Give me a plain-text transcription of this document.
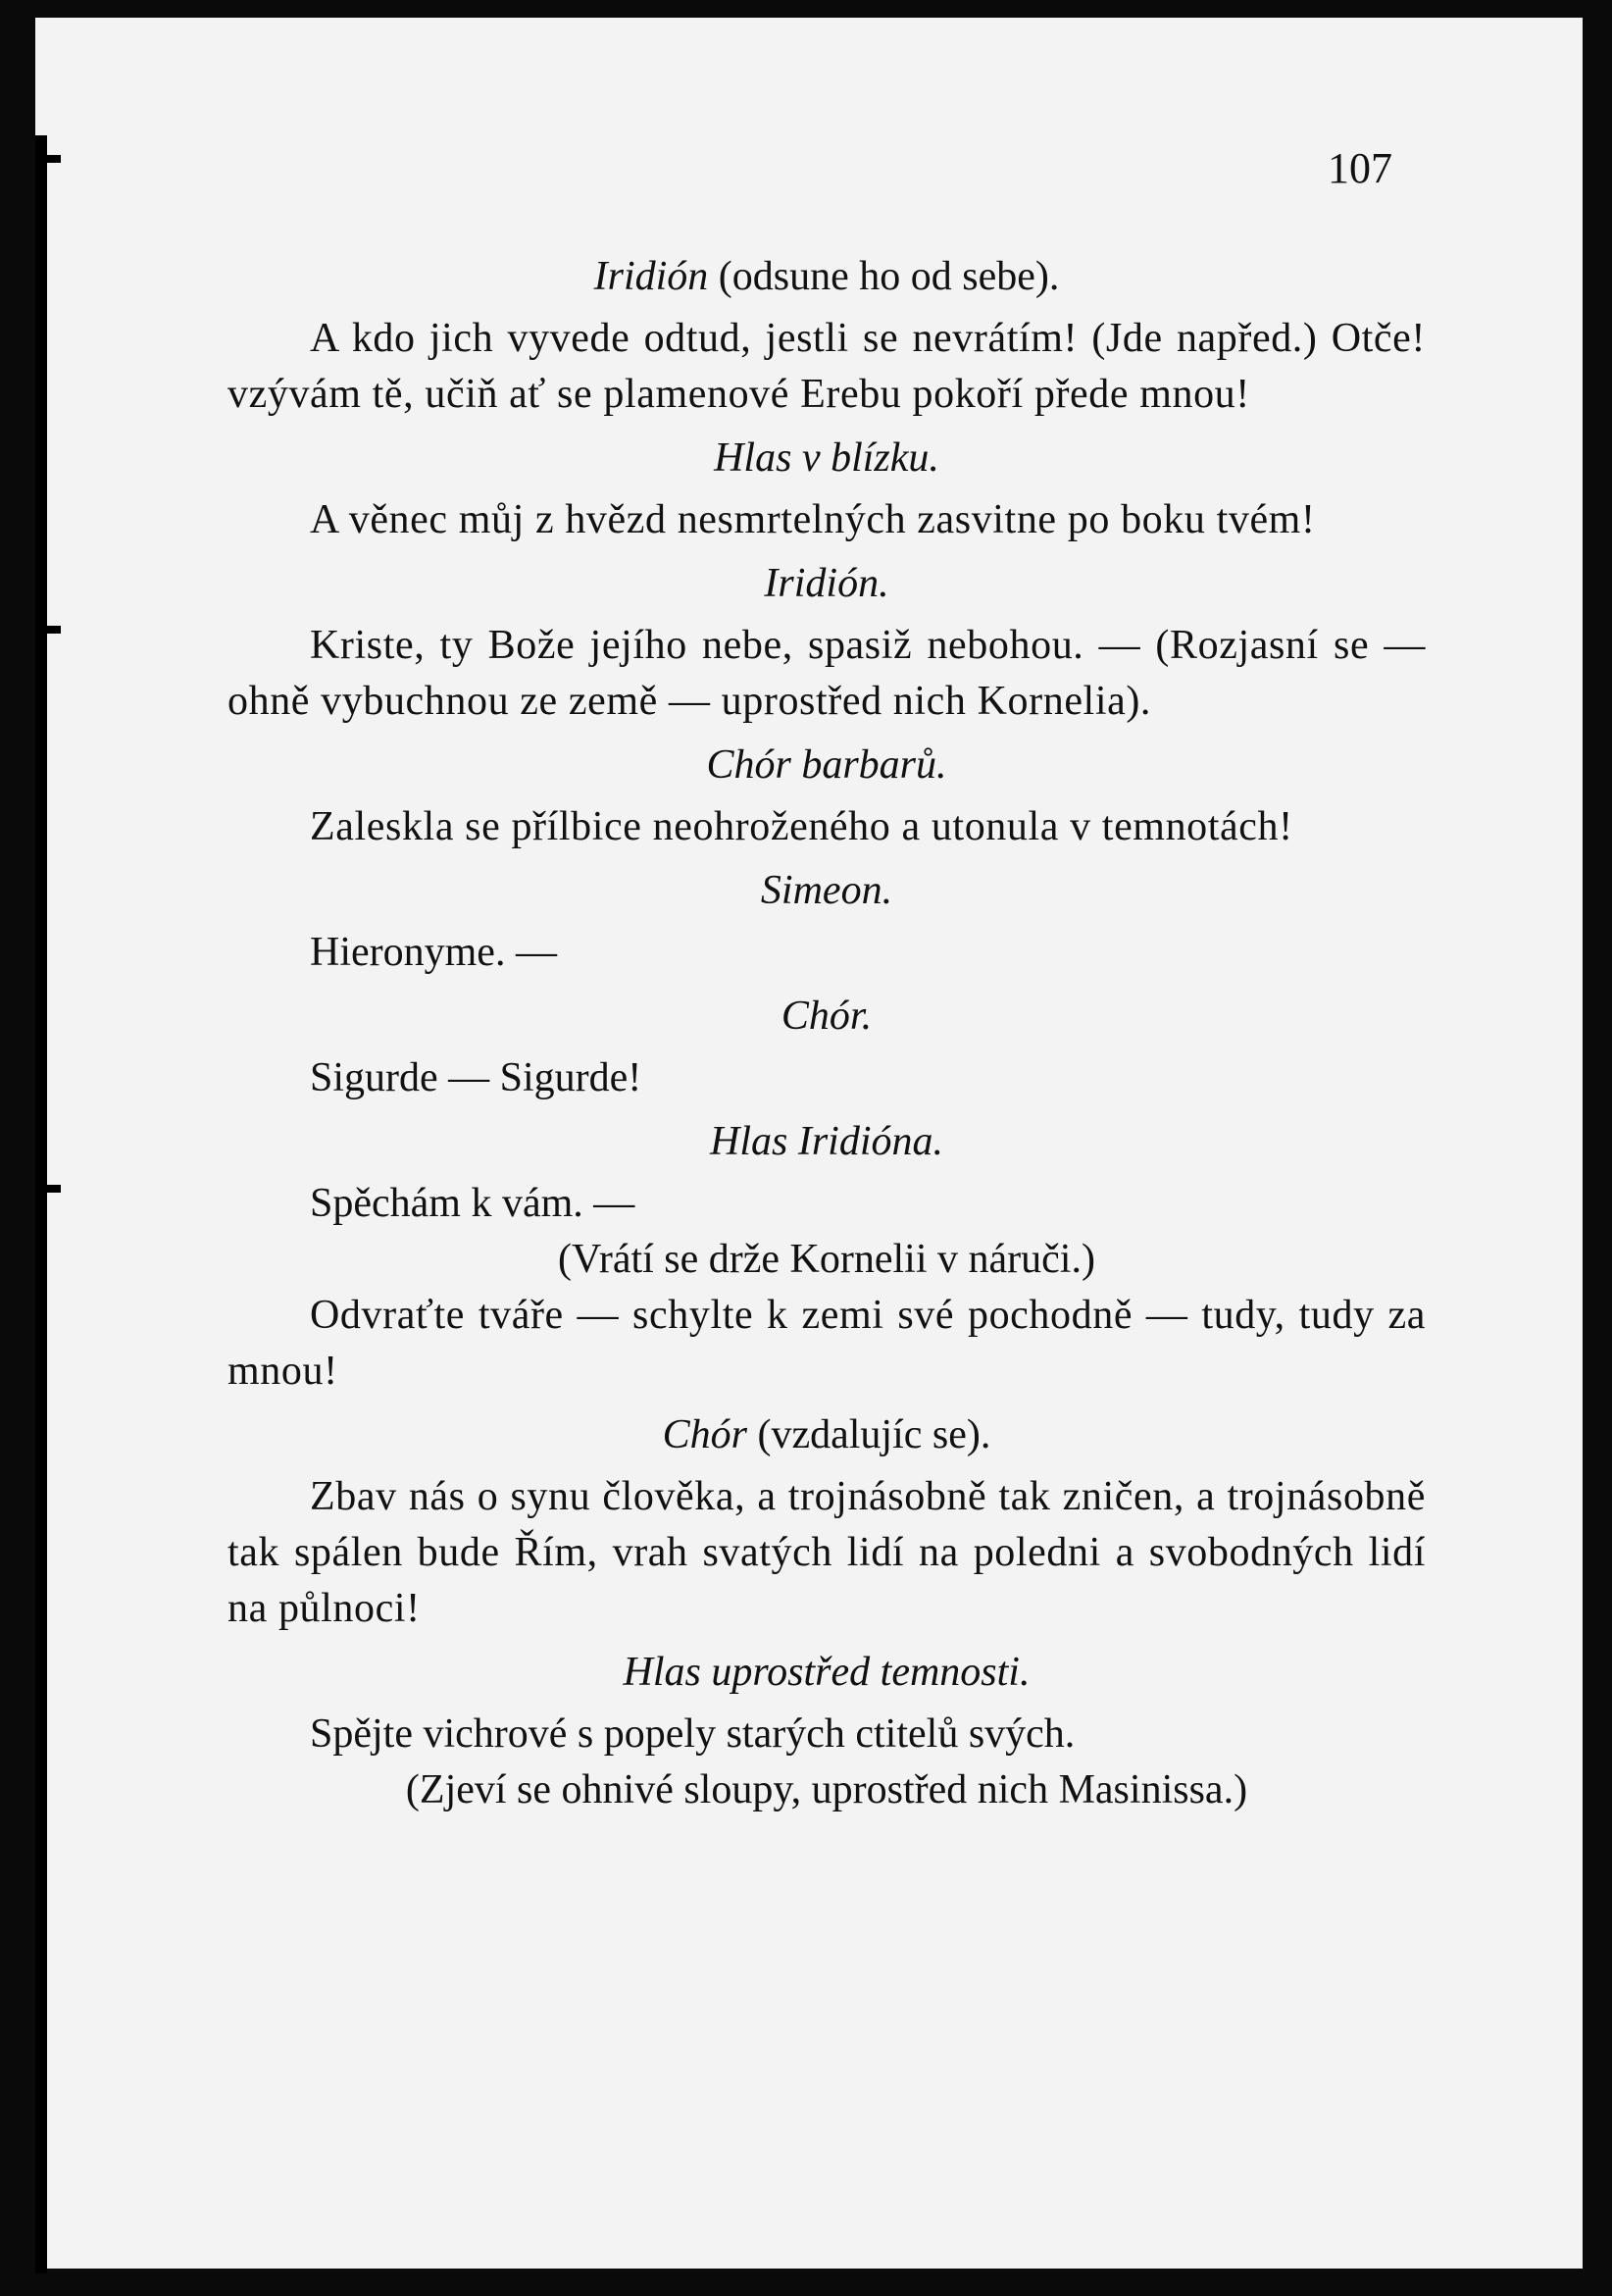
107

Iridión (odsune ho od sebe).

A kdo jich vyvede odtud, jestli se nevrátím! (Jde napřed.) Otče! vzývám tě, učiň ať se plamenové Erebu pokoří přede mnou!

Hlas v blízku.

A věnec můj z hvězd nesmrtelných zasvitne po boku tvém!

Iridión.

Kriste, ty Bože jejího nebe, spasiž nebohou. — (Rozjasní se — ohně vybuchnou ze země — uprostřed nich Kornelia).

Chór barbarů.

Zaleskla se přílbice neohroženého a utonula v temnotách!

Simeon.

Hieronyme. —

Chór.

Sigurde — Sigurde!

Hlas Iridióna.

Spěchám k vám. —

(Vrátí se drže Kornelii v náruči.)

Odvraťte tváře — schylte k zemi své pochodně — tudy, tudy za mnou!

Chór (vzdalujíc se).

Zbav nás o synu člověka, a trojnásobně tak zničen, a trojnásobně tak spálen bude Řím, vrah svatých lidí na poledni a svobodných lidí na půlnoci!

Hlas uprostřed temnosti.

Spějte vichrové s popely starých ctitelů svých.

(Zjeví se ohnivé sloupy, uprostřed nich Masinissa.)
